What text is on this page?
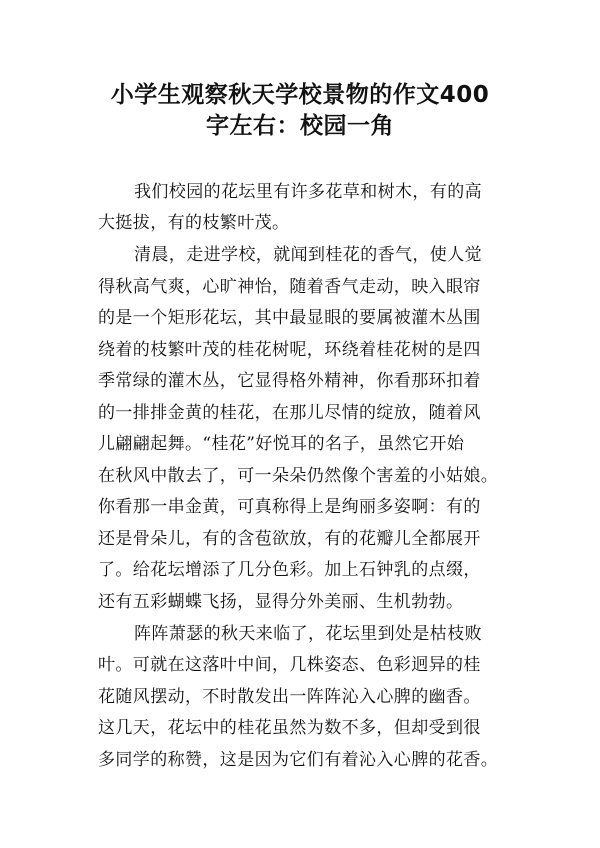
小学生观察秋天学校景物的作文400
字左右：校园一角
我们校园的花坛里有许多花草和树木，有的高
大挺拔，有的枝繁叶茂。
清晨，走进学校，就闻到桂花的香气，使人觉
得秋高气爽，心旷神怡，随着香气走动，映入眼帘
的是一个矩形花坛，其中最显眼的要属被灌木丛围
绕着的枝繁叶茂的桂花树呢，环绕着桂花树的是四
季常绿的灌木丛，它显得格外精神，你看那环扣着
的一排排金黄的桂花，在那儿尽情的绽放，随着风
儿翩翩起舞。“桂花”好悦耳的名子，虽然它开始
在秋风中散去了，可一朵朵仍然像个害羞的小姑娘。
你看那一串金黄，可真称得上是绚丽多姿啊：有的
还是骨朵儿，有的含苞欲放，有的花瓣儿全都展开
了。给花坛增添了几分色彩。加上石钟乳的点缀，
还有五彩蝴蝶飞扬，显得分外美丽、生机勃勃。
阵阵萧瑟的秋天来临了，花坛里到处是枯枝败
叶。可就在这落叶中间，几株姿态、色彩迥异的桂
花随风摆动，不时散发出一阵阵沁入心脾的幽香。
这几天，花坛中的桂花虽然为数不多，但却受到很
多同学的称赞，这是因为它们有着沁入心脾的花香。
